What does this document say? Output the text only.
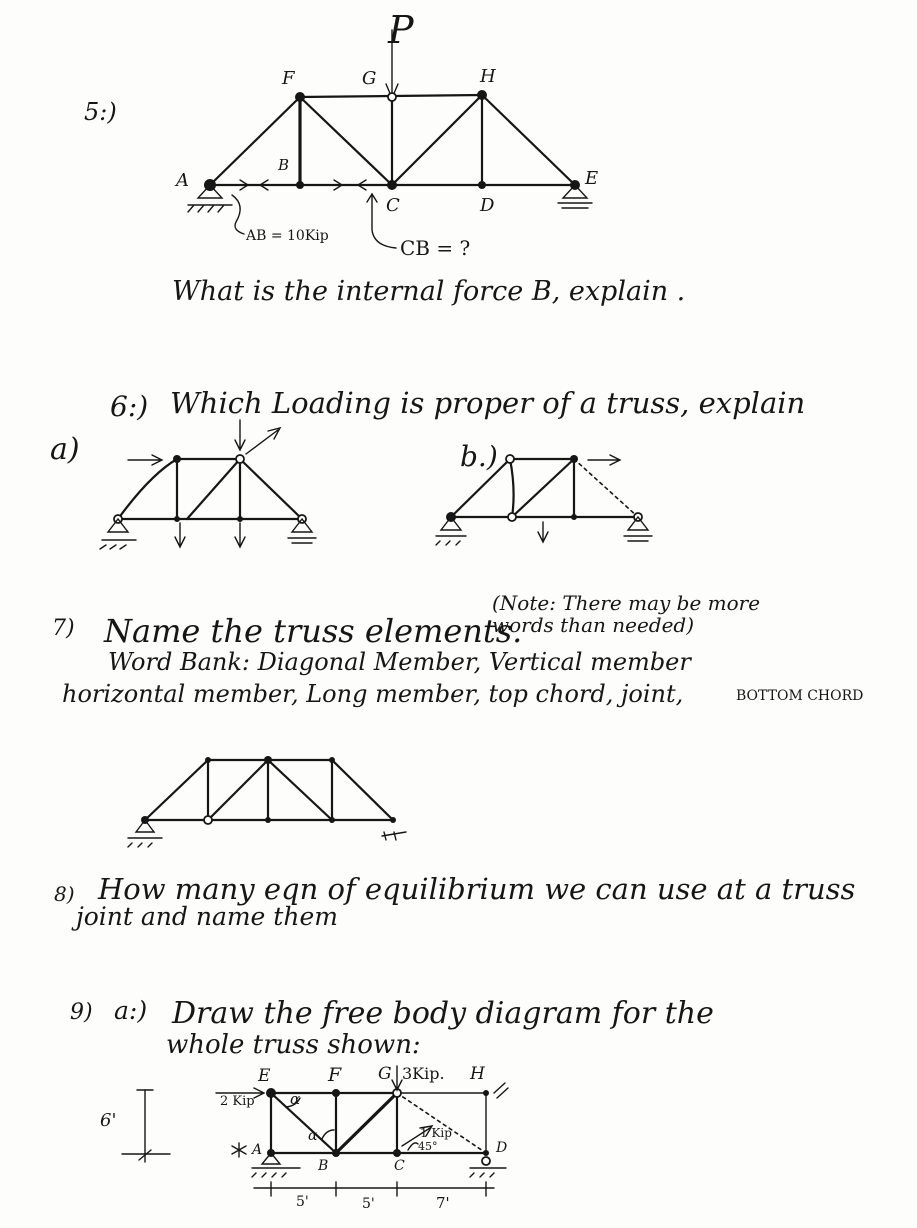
5:)
P
F	G	H
A
B
C	D
E
AB = 10Kip	CB = ?
What is the internal force B, explain .
6:) Which Loading is proper of a truss, explain
a)	b.)
7) Name the truss elements.
(Note: There may be more words than needed)
Word Bank: Diagonal Member, Vertical member
horizontal member, Long member, top chord, joint,	BOTTOM CHORD
8) How many eqn of equilibrium we can use at a truss
joint and name them
9) a:) Draw the free body diagram for the
whole truss shown:
E	F G 3Kip. H
2 Kip α
α	1 Kip
45°
6'
A
B	C
D
5'	5'	7'
